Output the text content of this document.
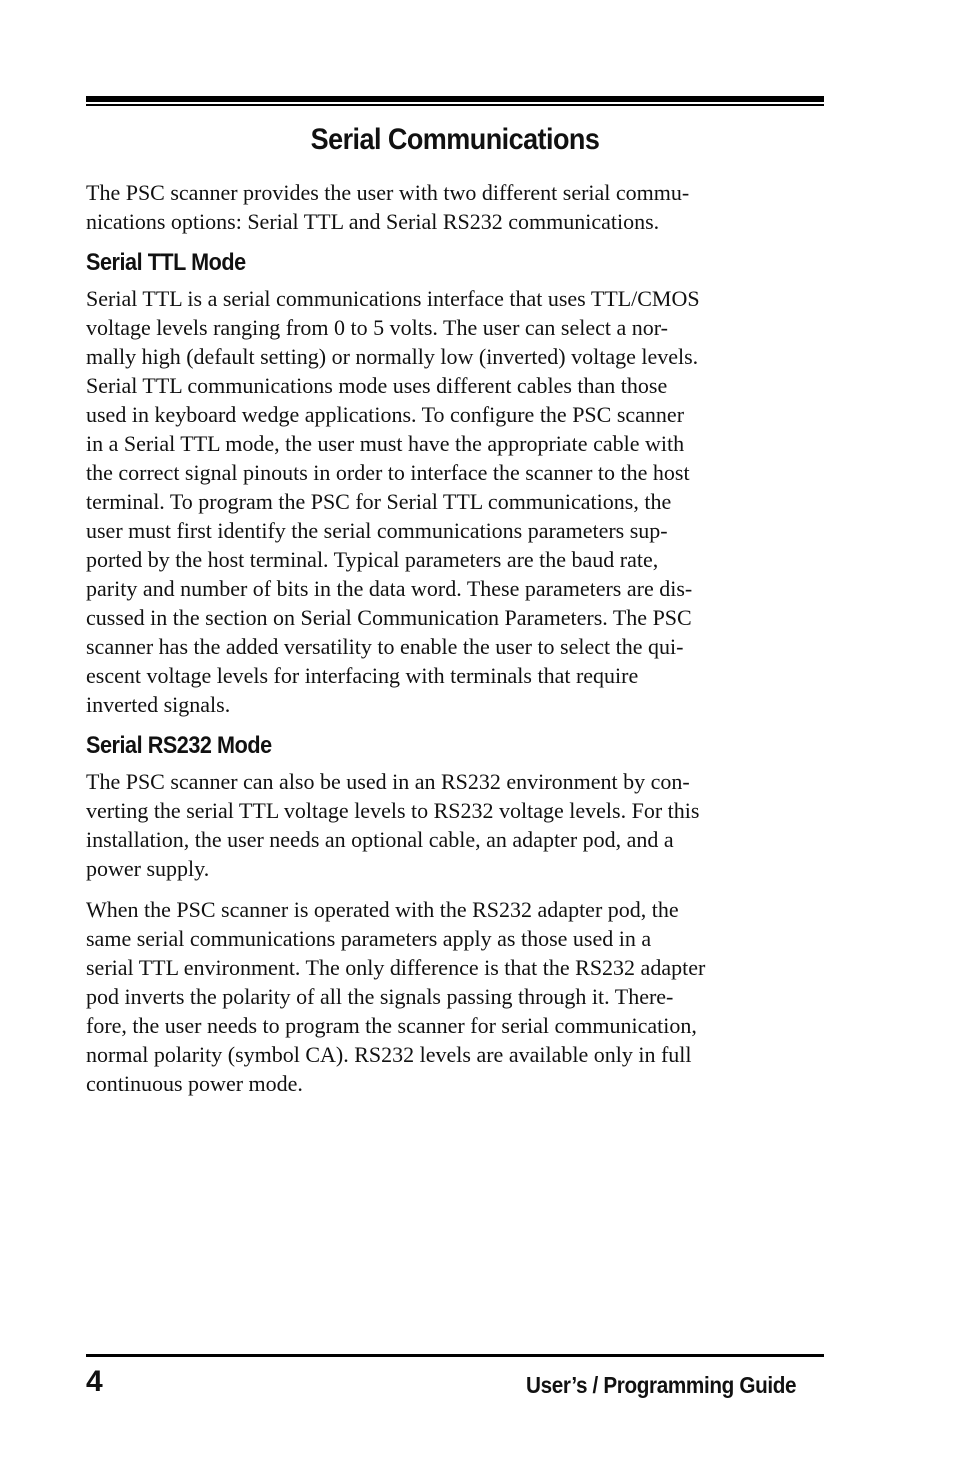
Serial Communications

The PSC scanner provides the user with two different serial commu-
nications options: Serial TTL and Serial RS232 communications.

Serial TTL Mode

Serial TTL is a serial communications interface that uses TTL/CMOS
voltage levels ranging from 0 to 5 volts. The user can select a nor-
mally high (default setting) or normally low (inverted) voltage levels.
Serial TTL communications mode uses different cables than those
used in keyboard wedge applications. To configure the PSC scanner
in a Serial TTL mode, the user must have the appropriate cable with
the correct signal pinouts in order to interface the scanner to the host
terminal. To program the PSC for Serial TTL communications, the
user must first identify the serial communications parameters sup-
ported by the host terminal. Typical parameters are the baud rate,
parity and number of bits in the data word. These parameters are dis-
cussed in the section on Serial Communication Parameters. The PSC
scanner has the added versatility to enable the user to select the qui-
escent voltage levels for interfacing with terminals that require
inverted signals.

Serial RS232 Mode

The PSC scanner can also be used in an RS232 environment by con-
verting the serial TTL voltage levels to RS232 voltage levels. For this
installation, the user needs an optional cable, an adapter pod, and a
power supply.

When the PSC scanner is operated with the RS232 adapter pod, the
same serial communications parameters apply as those used in a
serial TTL environment. The only difference is that the RS232 adapter
pod inverts the polarity of all the signals passing through it. There-
fore, the user needs to program the scanner for serial communication,
normal polarity (symbol CA). RS232 levels are available only in full
continuous power mode.

4	User’s / Programming Guide
